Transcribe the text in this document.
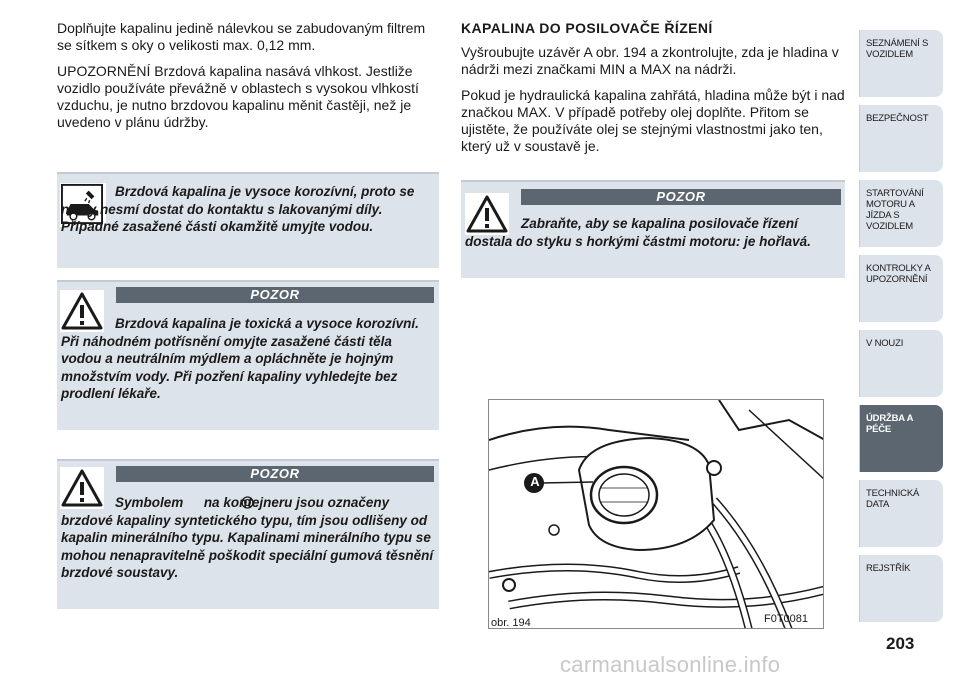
Doplňujte kapalinu jedině nálevkou se zabudovaným filtrem se sítkem s oky o velikosti max. 0,12 mm.

UPOZORNĚNÍ Brzdová kapalina nasává vlhkost. Jestliže vozidlo používáte převážně v oblastech s vysokou vlhkostí vzduchu, je nutno brzdovou kapalinu měnit častěji, než je uvedeno v plánu údržby.

Brzdová kapalina je vysoce korozívní, proto se nikdy nesmí dostat do kontaktu s lakovanými díly. Případné zasažené části okamžitě umyjte vodou.
POZOR
Brzdová kapalina je toxická a vysoce korozívní. Při náhodném potřísnění omyjte zasažené části těla vodou a neutrálním mýdlem a opláchněte je hojným množstvím vody. Při pozření kapaliny vyhledejte bez prodlení lékaře.
POZOR
Symbolem na kontejneru jsou označeny brzdové kapaliny syntetického typu, tím jsou odlišeny od kapalin minerálního typu. Kapalinami minerálního typu se mohou nenapravitelně poškodit speciální gumová těsnění brzdové soustavy.
KAPALINA DO POSILOVAČE ŘÍZENÍ

Vyšroubujte uzávěr A obr. 194 a zkontrolujte, zda je hladina v nádrži mezi značkami MIN a MAX na nádrži.

Pokud je hydraulická kapalina zahřátá, hladina může být i nad značkou MAX. V případě potřeby olej doplňte. Přitom se ujistěte, že používáte olej se stejnými vlastnostmi jako ten, který už v soustavě je.

POZOR
Zabraňte, aby se kapalina posilovače řízení dostala do styku s horkými částmi motoru: je hořlavá.
A
obr. 194	F0T0081
SEZNÁMENÍ S VOZIDLEM
BEZPEČNOST
STARTOVÁNÍ MOTORU A JÍZDA S VOZIDLEM
KONTROLKY A UPOZORNĚNÍ
V NOUZI
ÚDRŽBA A PÉČE
TECHNICKÁ DATA
REJSTŘÍK
203
carmanualsonline.info
